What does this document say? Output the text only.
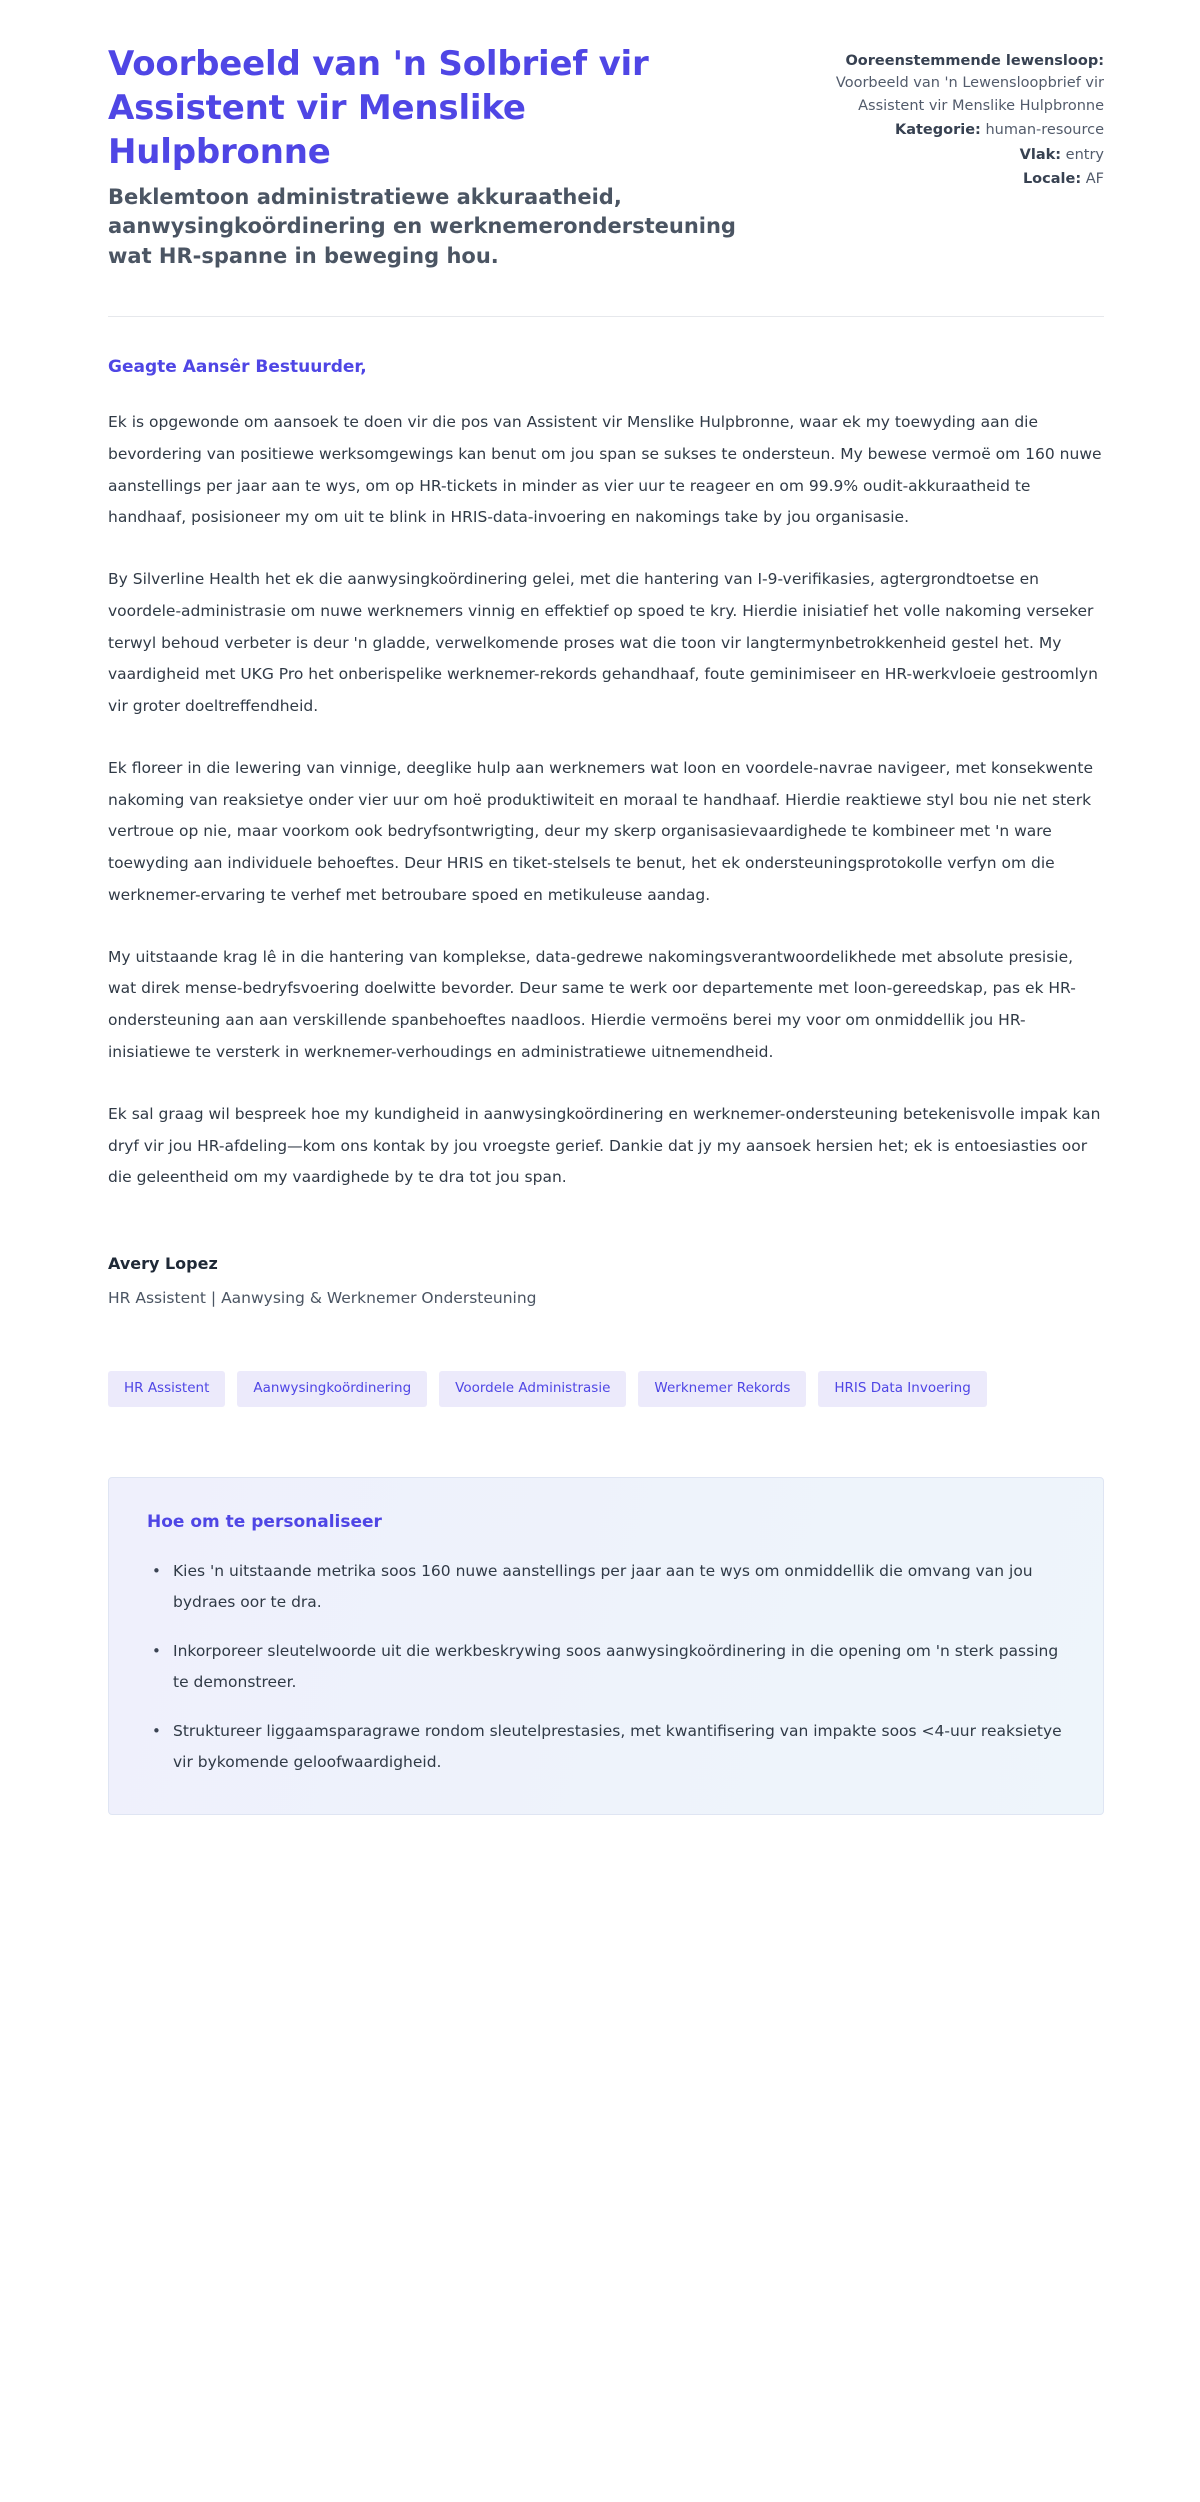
Voorbeeld van 'n Solbrief vir Assistent vir Menslike Hulpbronne
Beklemtoon administratiewe akkuraatheid, aanwysingkoördinering en werknemerondersteuning wat HR-spanne in beweging hou.
Ooreenstemmende lewensloop:
Voorbeeld van 'n Lewensloopbrief vir Assistent vir Menslike Hulpbronne
Kategorie: human-resource
Vlak: entry
Locale: AF

Geagte Aansêr Bestuurder,

Ek is opgewonde om aansoek te doen vir die pos van Assistent vir Menslike Hulpbronne, waar ek my toewyding aan die bevordering van positiewe werksomgewings kan benut om jou span se sukses te ondersteun. My bewese vermoë om 160 nuwe aanstellings per jaar aan te wys, om op HR-tickets in minder as vier uur te reageer en om 99.9% oudit-akkuraatheid te handhaaf, posisioneer my om uit te blink in HRIS-data-invoering en nakomings take by jou organisasie.

By Silverline Health het ek die aanwysingkoördinering gelei, met die hantering van I-9-verifikasies, agtergrondtoetse en voordele-administrasie om nuwe werknemers vinnig en effektief op spoed te kry. Hierdie inisiatief het volle nakoming verseker terwyl behoud verbeter is deur 'n gladde, verwelkomende proses wat die toon vir langtermynbetrokkenheid gestel het. My vaardigheid met UKG Pro het onberispelike werknemer-rekords gehandhaaf, foute geminimiseer en HR-werkvloeie gestroomlyn vir groter doeltreffendheid.

Ek floreer in die lewering van vinnige, deeglike hulp aan werknemers wat loon en voordele-navrae navigeer, met konsekwente nakoming van reaksietye onder vier uur om hoë produktiwiteit en moraal te handhaaf. Hierdie reaktiewe styl bou nie net sterk vertroue op nie, maar voorkom ook bedryfsontwrigting, deur my skerp organisasievaardighede te kombineer met 'n ware toewyding aan individuele behoeftes. Deur HRIS en tiket-stelsels te benut, het ek ondersteuningsprotokolle verfyn om die werknemer-ervaring te verhef met betroubare spoed en metikuleuse aandag.

My uitstaande krag lê in die hantering van komplekse, data-gedrewe nakomingsverantwoordelikhede met absolute presisie, wat direk mense-bedryfsvoering doelwitte bevorder. Deur same te werk oor departemente met loon-gereedskap, pas ek HR-ondersteuning aan aan verskillende spanbehoeftes naadloos. Hierdie vermoëns berei my voor om onmiddellik jou HR-inisiatiewe te versterk in werknemer-verhoudings en administratiewe uitnemendheid.

Ek sal graag wil bespreek hoe my kundigheid in aanwysingkoördinering en werknemer-ondersteuning betekenisvolle impak kan dryf vir jou HR-afdeling—kom ons kontak by jou vroegste gerief. Dankie dat jy my aansoek hersien het; ek is entoesiasties oor die geleentheid om my vaardighede by te dra tot jou span.

Avery Lopez

HR Assistent | Aanwysing & Werknemer Ondersteuning

HR Assistent	Aanwysingkoördinering	Voordele Administrasie	Werknemer Rekords	HRIS Data Invoering
Hoe om te personaliseer
• Kies 'n uitstaande metrika soos 160 nuwe aanstellings per jaar aan te wys om onmiddellik die omvang van jou bydraes oor te dra.
• Inkorporeer sleutelwoorde uit die werkbeskrywing soos aanwysingkoördinering in die opening om 'n sterk passing te demonstreer.
• Struktureer liggaamsparagrawe rondom sleutelprestasies, met kwantifisering van impakte soos <4-uur reaksietye vir bykomende geloofwaardigheid.
